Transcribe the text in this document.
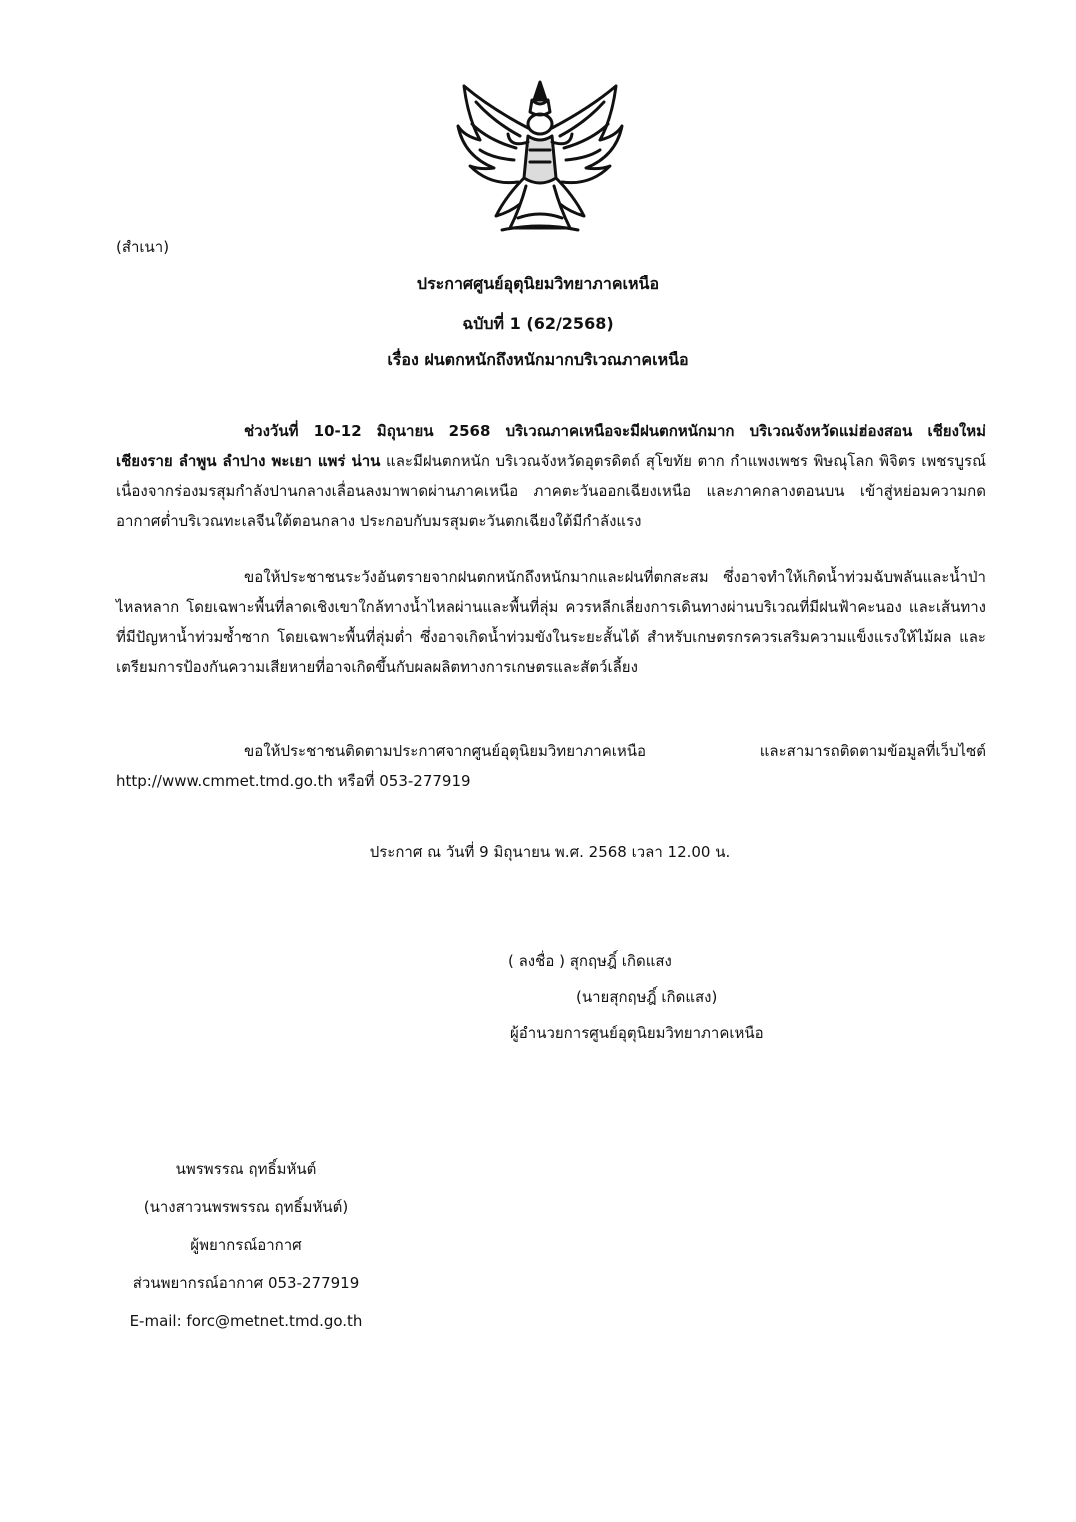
(สำเนา)
ประกาศศูนย์อุตุนิยมวิทยาภาคเหนือ
ฉบับที่ 1 (62/2568)
เรื่อง ฝนตกหนักถึงหนักมากบริเวณภาคเหนือ
ช่วงวันที่ 10-12 มิถุนายน 2568 บริเวณภาคเหนือจะมีฝนตกหนักมาก บริเวณจังหวัดแม่ฮ่องสอน เชียงใหม่ เชียงราย ลำพูน ลำปาง พะเยา แพร่ น่าน และมีฝนตกหนัก บริเวณจังหวัดอุตรดิตถ์ สุโขทัย ตาก กำแพงเพชร พิษณุโลก พิจิตร เพชรบูรณ์ เนื่องจากร่องมรสุมกำลังปานกลางเลื่อนลงมาพาดผ่านภาคเหนือ ภาคตะวันออกเฉียงเหนือ และภาคกลางตอนบน เข้าสู่หย่อมความกดอากาศต่ำบริเวณทะเลจีนใต้ตอนกลาง ประกอบกับมรสุมตะวันตกเฉียงใต้มีกำลังแรง
ขอให้ประชาชนระวังอันตรายจากฝนตกหนักถึงหนักมากและฝนที่ตกสะสม ซึ่งอาจทำให้เกิดน้ำท่วมฉับพลันและน้ำป่าไหลหลาก โดยเฉพาะพื้นที่ลาดเชิงเขาใกล้ทางน้ำไหลผ่านและพื้นที่ลุ่ม ควรหลีกเลี่ยงการเดินทางผ่านบริเวณที่มีฝนฟ้าคะนอง และเส้นทางที่มีปัญหาน้ำท่วมซ้ำซาก โดยเฉพาะพื้นที่ลุ่มต่ำ ซึ่งอาจเกิดน้ำท่วมขังในระยะสั้นได้ สำหรับเกษตรกรควรเสริมความแข็งแรงให้ไม้ผล และเตรียมการป้องกันความเสียหายที่อาจเกิดขึ้นกับผลผลิตทางการเกษตรและสัตว์เลี้ยง
ขอให้ประชาชนติดตามประกาศจากศูนย์อุตุนิยมวิทยาภาคเหนือ และสามารถติดตามข้อมูลที่เว็บไซต์ http://www.cmmet.tmd.go.th หรือที่ 053-277919
ประกาศ ณ วันที่ 9 มิถุนายน พ.ศ. 2568 เวลา 12.00 น.
( ลงชื่อ ) สุกฤษฎิ์ เกิดแสง
(นายสุกฤษฎิ์ เกิดแสง)
ผู้อำนวยการศูนย์อุตุนิยมวิทยาภาคเหนือ
นพรพรรณ ฤทธิ์มหันต์
(นางสาวนพรพรรณ ฤทธิ์มหันต์)
ผู้พยากรณ์อากาศ
ส่วนพยากรณ์อากาศ 053-277919
E-mail: forc@metnet.tmd.go.th
